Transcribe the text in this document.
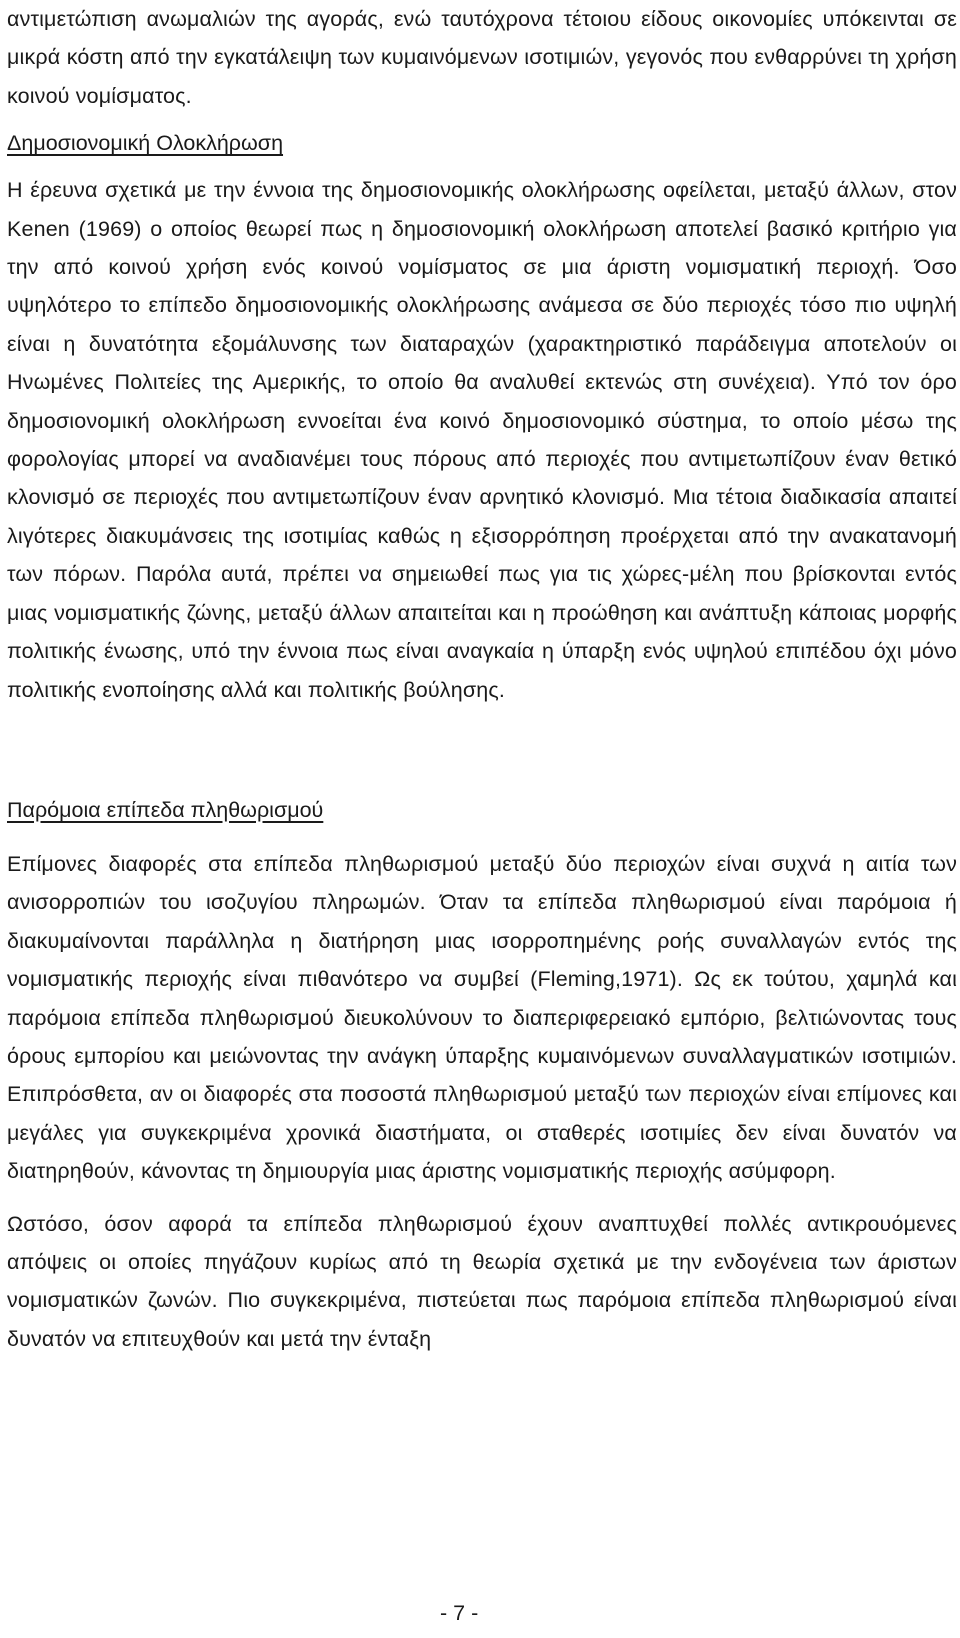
αντιμετώπιση ανωμαλιών της αγοράς, ενώ ταυτόχρονα τέτοιου είδους οικονομίες υπόκεινται σε μικρά κόστη από την εγκατάλειψη των κυμαινόμενων ισοτιμιών, γεγονός που ενθαρρύνει τη χρήση κοινού νομίσματος.

Δημοσιονομική Ολοκλήρωση

Η έρευνα σχετικά με την έννοια της δημοσιονομικής ολοκλήρωσης οφείλεται, μεταξύ άλλων, στον Kenen (1969) ο οποίος θεωρεί πως η δημοσιονομική ολοκλήρωση αποτελεί βασικό κριτήριο για την από κοινού χρήση ενός κοινού νομίσματος σε μια άριστη νομισματική περιοχή. Όσο υψηλότερο το επίπεδο δημοσιονομικής ολοκλήρωσης ανάμεσα σε δύο περιοχές τόσο πιο υψηλή είναι η δυνατότητα εξομάλυνσης των διαταραχών (χαρακτηριστικό παράδειγμα αποτελούν οι Ηνωμένες Πολιτείες της Αμερικής, το οποίο θα αναλυθεί εκτενώς στη συνέχεια). Υπό τον όρο δημοσιονομική ολοκλήρωση εννοείται ένα κοινό δημοσιονομικό σύστημα, το οποίο μέσω της φορολογίας μπορεί να αναδιανέμει τους πόρους από περιοχές που αντιμετωπίζουν έναν θετικό κλονισμό σε περιοχές που αντιμετωπίζουν έναν αρνητικό κλονισμό. Μια τέτοια διαδικασία απαιτεί λιγότερες διακυμάνσεις της ισοτιμίας καθώς η εξισορρόπηση προέρχεται από την ανακατανομή των πόρων. Παρόλα αυτά, πρέπει να σημειωθεί πως για τις χώρες-μέλη που βρίσκονται εντός μιας νομισματικής ζώνης, μεταξύ άλλων απαιτείται και η προώθηση και ανάπτυξη κάποιας μορφής πολιτικής ένωσης, υπό την έννοια πως είναι αναγκαία η ύπαρξη ενός υψηλού επιπέδου όχι μόνο πολιτικής ενοποίησης αλλά και πολιτικής βούλησης.

Παρόμοια επίπεδα πληθωρισμού

Επίμονες διαφορές στα επίπεδα πληθωρισμού μεταξύ δύο περιοχών είναι συχνά η αιτία των ανισορροπιών του ισοζυγίου πληρωμών. Όταν τα επίπεδα πληθωρισμού είναι παρόμοια ή διακυμαίνονται παράλληλα η διατήρηση μιας ισορροπημένης ροής συναλλαγών εντός της νομισματικής περιοχής είναι πιθανότερο να συμβεί (Fleming,1971). Ως εκ τούτου, χαμηλά και παρόμοια επίπεδα πληθωρισμού διευκολύνουν το διαπεριφερειακό εμπόριο, βελτιώνοντας τους όρους εμπορίου και μειώνοντας την ανάγκη ύπαρξης κυμαινόμενων συναλλαγματικών ισοτιμιών. Επιπρόσθετα, αν οι διαφορές στα ποσοστά πληθωρισμού μεταξύ των περιοχών είναι επίμονες και μεγάλες για συγκεκριμένα χρονικά διαστήματα, οι σταθερές ισοτιμίες δεν είναι δυνατόν να διατηρηθούν, κάνοντας τη δημιουργία μιας άριστης νομισματικής περιοχής ασύμφορη.

Ωστόσο, όσον αφορά τα επίπεδα πληθωρισμού έχουν αναπτυχθεί πολλές αντικρουόμενες απόψεις οι οποίες πηγάζουν κυρίως από τη θεωρία σχετικά με την ενδογένεια των άριστων νομισματικών ζωνών. Πιο συγκεκριμένα, πιστεύεται πως παρόμοια επίπεδα πληθωρισμού είναι δυνατόν να επιτευχθούν και μετά την ένταξη

- 7 -
